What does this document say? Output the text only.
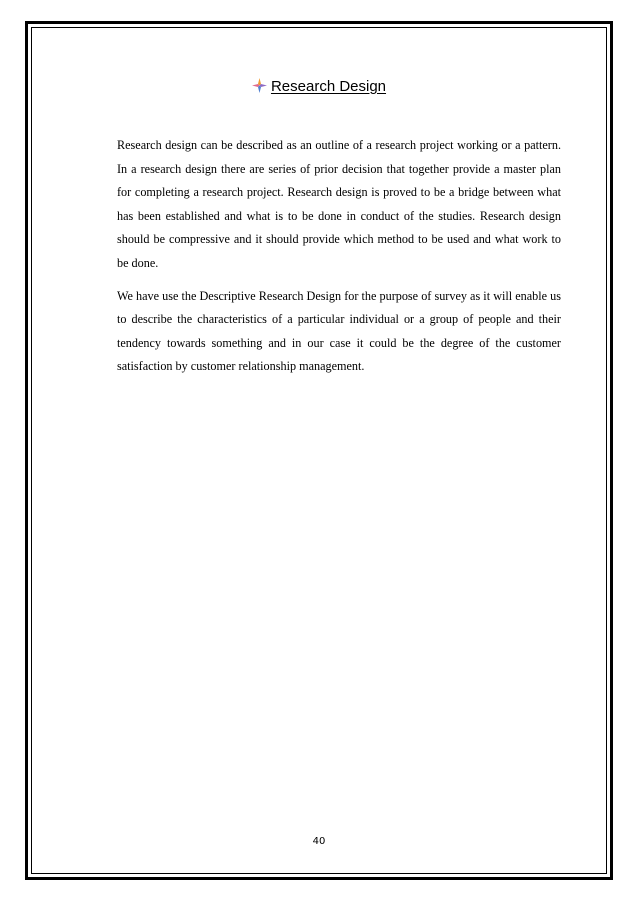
Research Design

Research design can be described as an outline of a research project working or a pattern. In a research design there are series of prior decision that together provide a master plan for completing a research project. Research design is proved to be a bridge between what has been established and what is to be done in conduct of the studies. Research design should be compressive and it should provide which method to be used and what work to be done.

We have use the Descriptive Research Design for the purpose of survey as it will enable us to describe the characteristics of a particular individual or a group of people and their tendency towards something and in our case it could be the degree of the customer satisfaction by customer relationship management.

40
